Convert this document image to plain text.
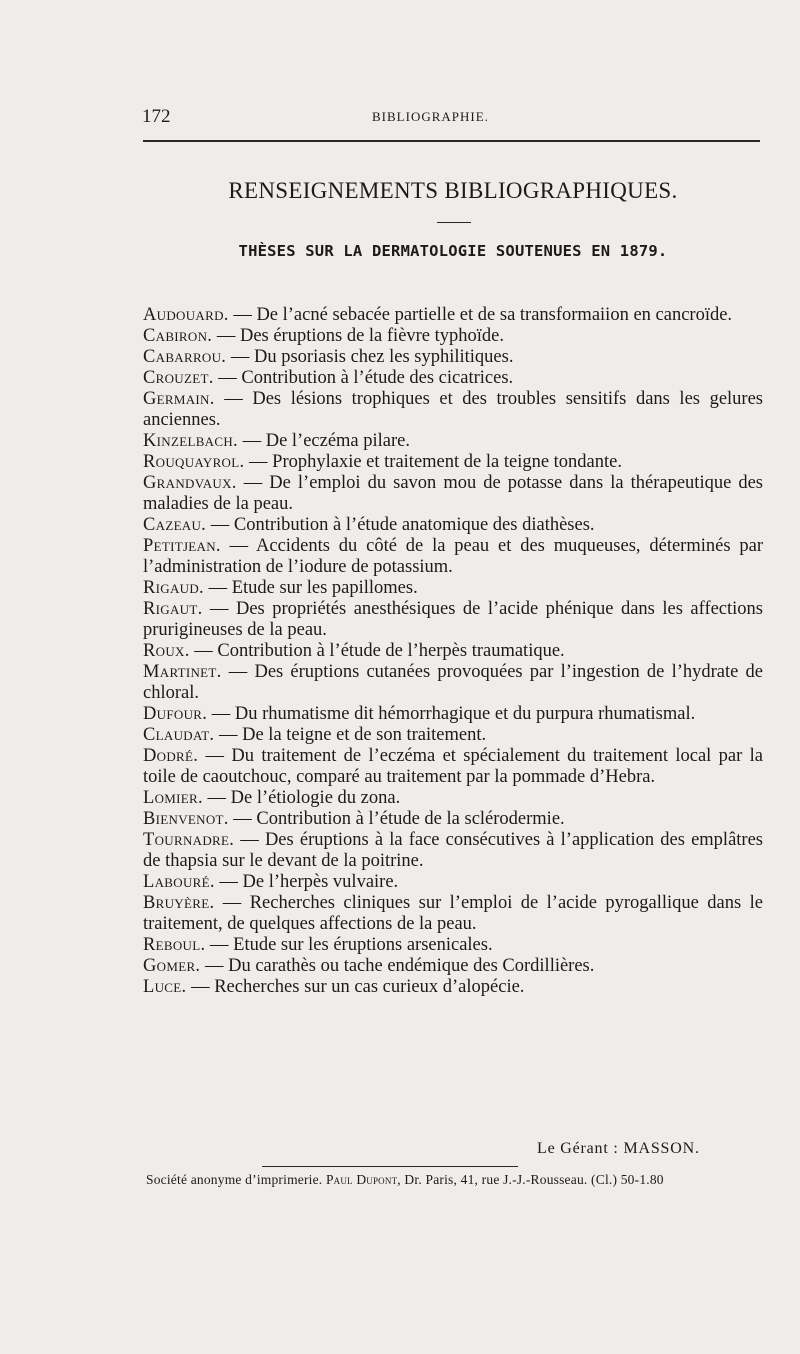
172	BIBLIOGRAPHIE.
RENSEIGNEMENTS BIBLIOGRAPHIQUES.
THÈSES SUR LA DERMATOLOGIE SOUTENUES EN 1879.

Audouard. — De l’acné sebacée partielle et de sa transformaiion en cancroïde.

Cabiron. — Des éruptions de la fièvre typhoïde.

Cabarrou. — Du psoriasis chez les syphilitiques.

Crouzet. — Contribution à l’étude des cicatrices.

Germain. — Des lésions trophiques et des troubles sensitifs dans les gelures anciennes.

Kinzelbach. — De l’eczéma pilare.

Rouquayrol. — Prophylaxie et traitement de la teigne tondante.

Grandvaux. — De l’emploi du savon mou de potasse dans la thérapeutique des maladies de la peau.

Cazeau. — Contribution à l’étude anatomique des diathèses.

Petitjean. — Accidents du côté de la peau et des muqueuses, déterminés par l’administration de l’iodure de potassium.

Rigaud. — Etude sur les papillomes.

Rigaut. — Des propriétés anesthésiques de l’acide phénique dans les affections prurigineuses de la peau.

Roux. — Contribution à l’étude de l’herpès traumatique.

Martinet. — Des éruptions cutanées provoquées par l’ingestion de l’hydrate de chloral.

Dufour. — Du rhumatisme dit hémorrhagique et du purpura rhumatismal.

Claudat. — De la teigne et de son traitement.

Dodré. — Du traitement de l’eczéma et spécialement du traitement local par la toile de caoutchouc, comparé au traitement par la pommade d’Hebra.

Lomier. — De l’étiologie du zona.

Bienvenot. — Contribution à l’étude de la sclérodermie.

Tournadre. — Des éruptions à la face consécutives à l’application des emplâtres de thapsia sur le devant de la poitrine.

Labouré. — De l’herpès vulvaire.

Bruyère. — Recherches cliniques sur l’emploi de l’acide pyrogallique dans le traitement, de quelques affections de la peau.

Reboul. — Etude sur les éruptions arsenicales.

Gomer. — Du carathès ou tache endémique des Cordillières.

Luce. — Recherches sur un cas curieux d’alopécie.

Le Gérant : MASSON.
Société anonyme d’imprimerie. Paul Dupont, Dr. Paris, 41, rue J.-J.-Rousseau. (Cl.) 50-1.80
